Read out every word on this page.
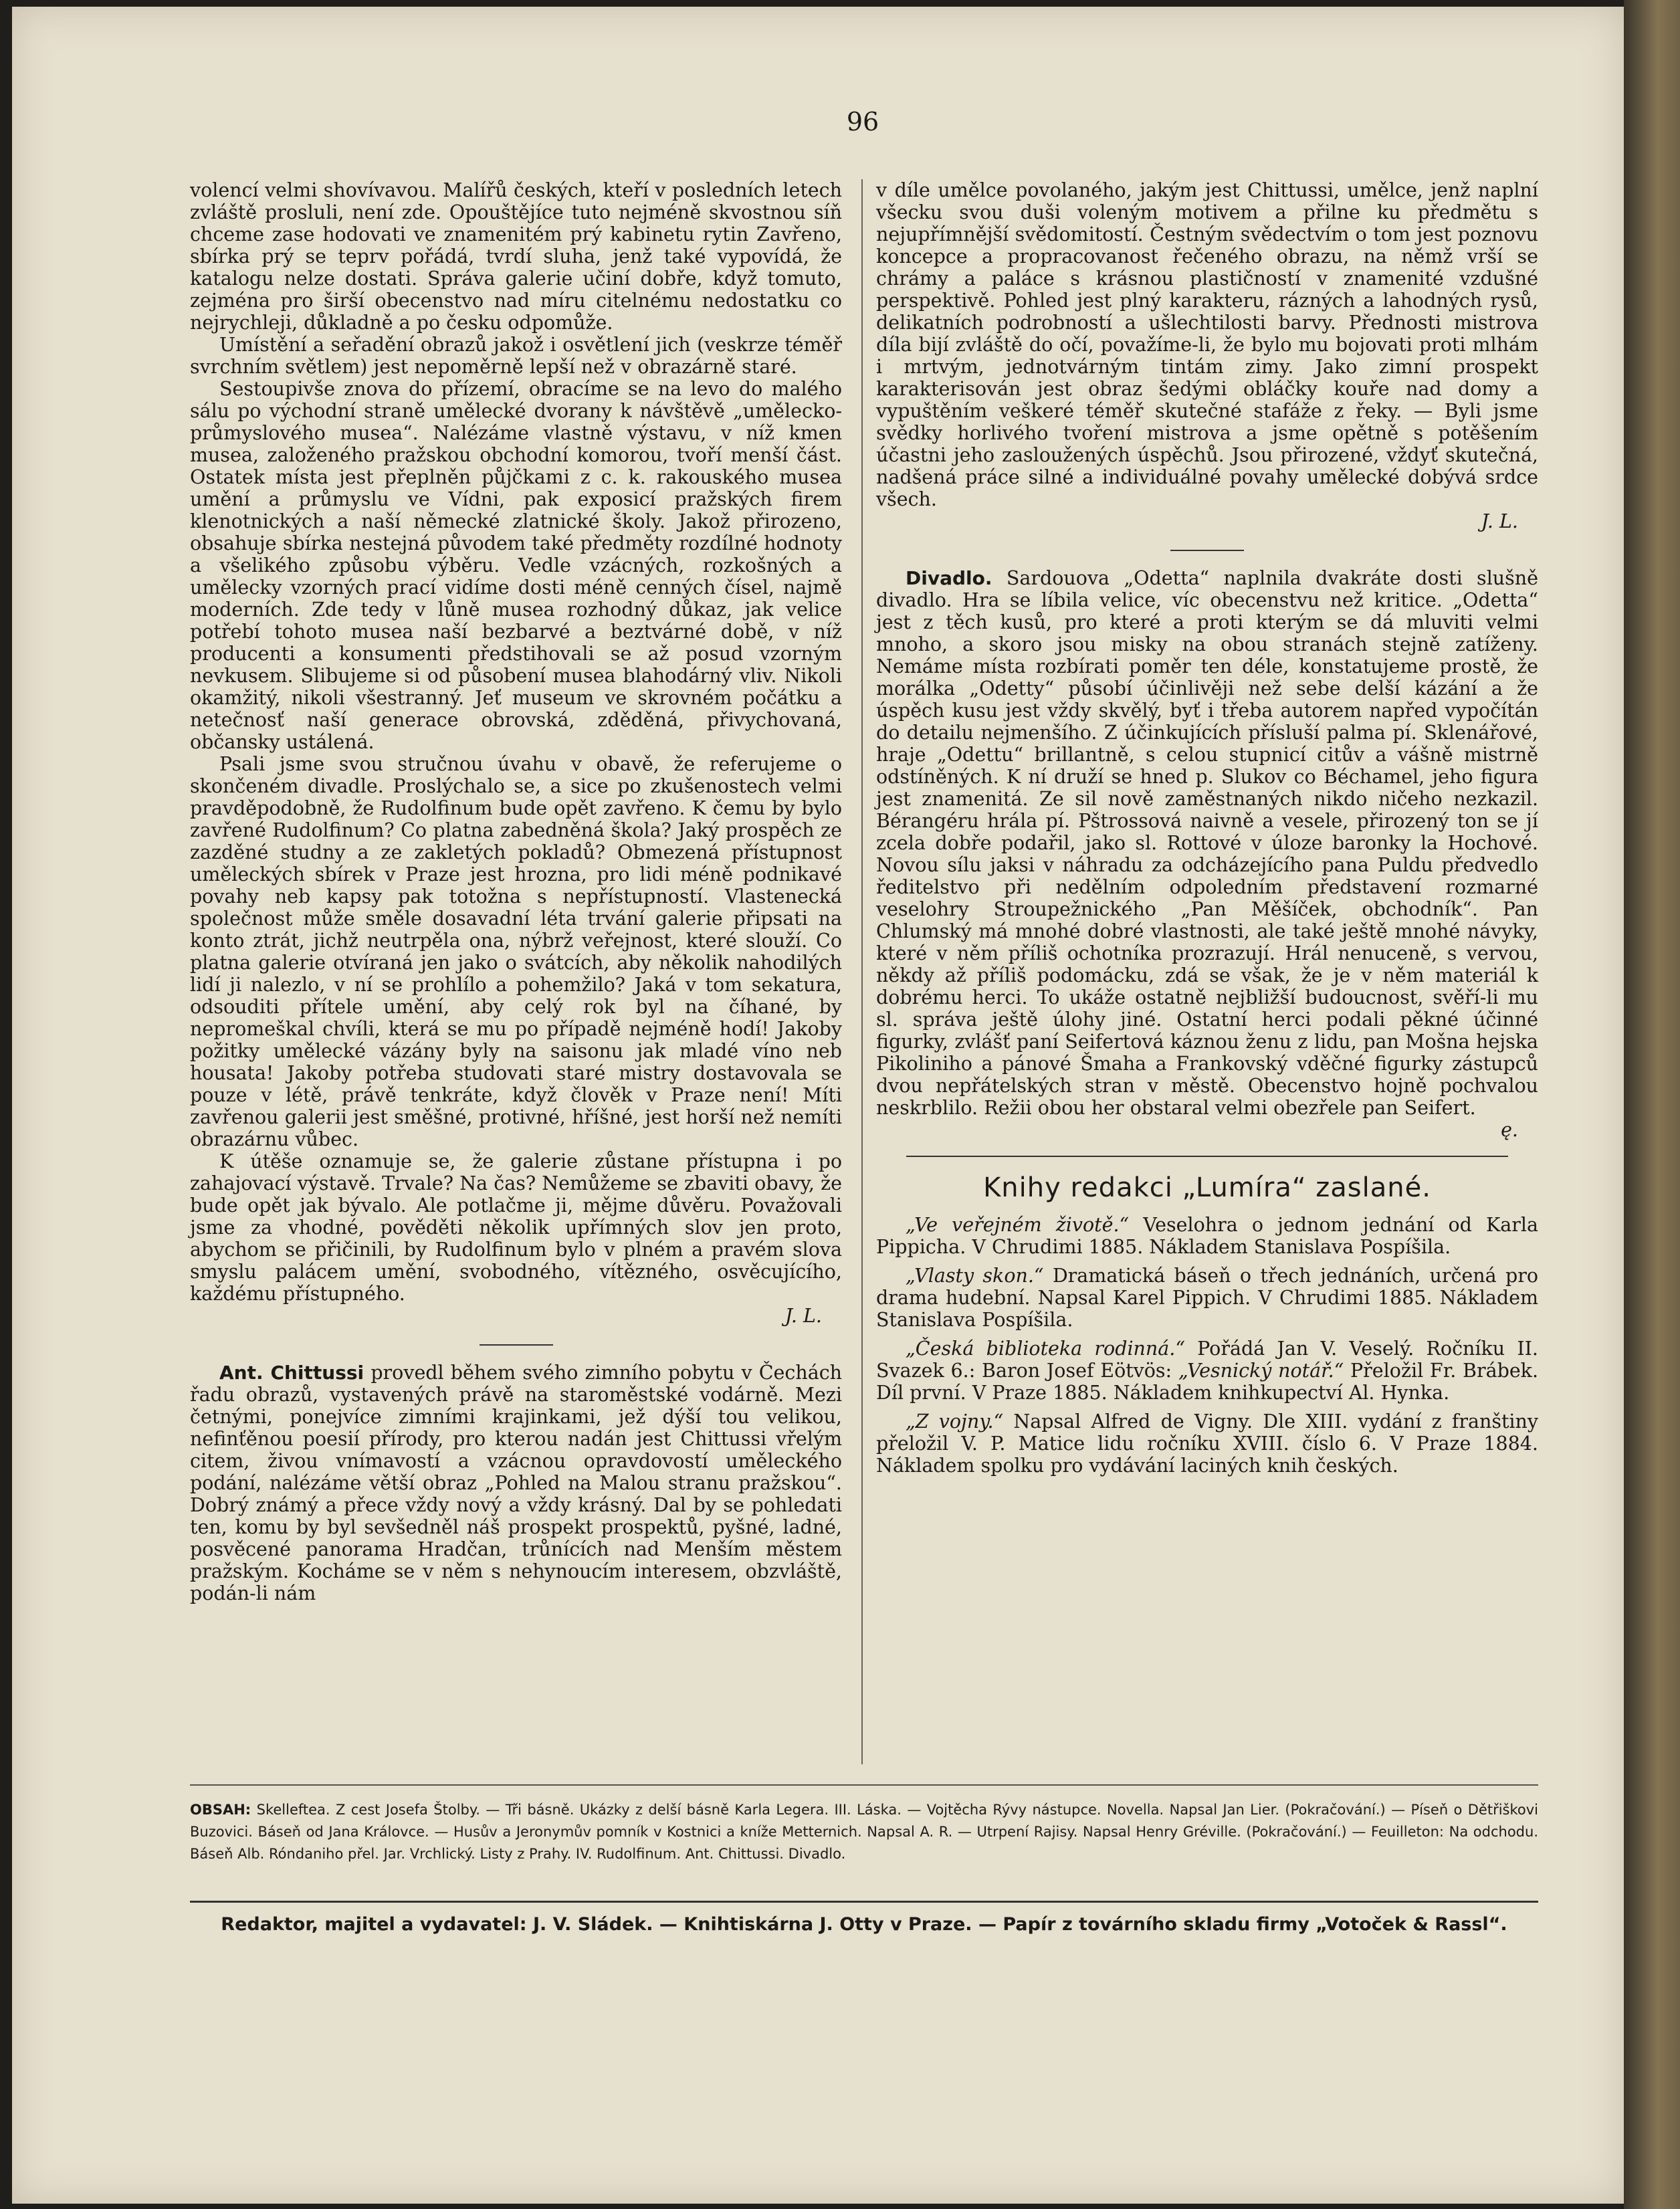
96

volencí velmi shovívavou. Malířů českých, kteří v posledních letech zvláště prosluli, není zde. Opouštějíce tuto nejméně skvostnou síň chceme zase hodovati ve znamenitém prý kabinetu rytin Zavřeno, sbírka prý se teprv pořádá, tvrdí sluha, jenž také vypovídá, že katalogu nelze dostati. Správa galerie učiní dobře, když tomuto, zejména pro širší obecenstvo nad míru citelnému nedostatku co nejrychleji, důkladně a po česku odpomůže.

Umístění a seřadění obrazů jakož i osvětlení jich (veskrze téměř svrchním světlem) jest nepoměrně lepší než v obrazárně staré.

Sestoupivše znova do přízemí, obracíme se na levo do malého sálu po východní straně umělecké dvorany k návštěvě „umělecko-průmyslového musea“. Nalézáme vlastně výstavu, v níž kmen musea, založeného pražskou obchodní komorou, tvoří menší část. Ostatek místa jest přeplněn půjčkami z c. k. rakouského musea umění a průmyslu ve Vídni, pak exposicí pražských firem klenotnických a naší německé zlatnické školy. Jakož přirozeno, obsahuje sbírka nestejná původem také předměty rozdílné hodnoty a všelikého způsobu výběru. Vedle vzácných, rozkošných a umělecky vzorných prací vidíme dosti méně cenných čísel, najmě moderních. Zde tedy v lůně musea rozhodný důkaz, jak velice potřebí tohoto musea naší bezbarvé a beztvárné době, v níž producenti a konsumenti předstihovali se až posud vzorným nevkusem. Slibujeme si od působení musea blahodárný vliv. Nikoli okamžitý, nikoli všestranný. Jeť museum ve skrovném počátku a netečnosť naší generace obrovská, zděděná, přivychovaná, občansky ustálená.

Psali jsme svou stručnou úvahu v obavě, že referujeme o skončeném divadle. Proslýchalo se, a sice po zkušenostech velmi pravděpodobně, že Rudolfinum bude opět zavřeno. K čemu by bylo zavřené Rudolfinum? Co platna zabedněná škola? Jaký prospěch ze zazděné studny a ze zakletých pokladů? Obmezená přístupnost uměleckých sbírek v Praze jest hrozna, pro lidi méně podnikavé povahy neb kapsy pak totožna s nepřístupností. Vlastenecká společnost může směle dosavadní léta trvání galerie připsati na konto ztrát, jichž neutrpěla ona, nýbrž veřejnost, které slouží. Co platna galerie otvíraná jen jako o svátcích, aby několik nahodilých lidí ji nalezlo, v ní se prohlílo a pohemžilo? Jaká v tom sekatura, odsouditi přítele umění, aby celý rok byl na číhané, by nepromeškal chvíli, která se mu po případě nejméně hodí! Jakoby požitky umělecké vázány byly na saisonu jak mladé víno neb housata! Jakoby potřeba studovati staré mistry dostavovala se pouze v létě, právě tenkráte, když člověk v Praze není! Míti zavřenou galerii jest směšné, protivné, hříšné, jest horší než nemíti obrazárnu vůbec.

K útěše oznamuje se, že galerie zůstane přístupna i po zahajovací výstavě. Trvale? Na čas? Nemůžeme se zbaviti obavy, že bude opět jak bývalo. Ale potlačme ji, mějme důvěru. Považovali jsme za vhodné, pověděti několik upřímných slov jen proto, abychom se přičinili, by Rudolfinum bylo v plném a pravém slova smyslu palácem umění, svobodného, vítězného, osvěcujícího, každému přístupného.

J. L.

Ant. Chittussi provedl během svého zimního pobytu v Čechách řadu obrazů, vystavených právě na staroměstské vodárně. Mezi četnými, ponejvíce zimními krajinkami, jež dýší tou velikou, nefinťěnou poesií přírody, pro kterou nadán jest Chittussi vřelým citem, živou vnímavostí a vzácnou opravdovostí uměleckého podání, nalézáme větší obraz „Pohled na Malou stranu pražskou“. Dobrý známý a přece vždy nový a vždy krásný. Dal by se pohledati ten, komu by byl sevšedněl náš prospekt prospektů, pyšné, ladné, posvěcené panorama Hradčan, trůnících nad Menším městem pražským. Kocháme se v něm s nehynoucím interesem, obzvláště, podán-li nám

v díle umělce povolaného, jakým jest Chittussi, umělce, jenž naplní všecku svou duši voleným motivem a přilne ku předmětu s nejupřímnější svědomitostí. Čestným svědectvím o tom jest poznovu koncepce a propracovanost řečeného obrazu, na němž vrší se chrámy a paláce s krásnou plastičností v znamenité vzdušné perspektivě. Pohled jest plný karakteru, rázných a lahodných rysů, delikatních podrobností a ušlechtilosti barvy. Přednosti mistrova díla bijí zvláště do očí, považíme-li, že bylo mu bojovati proti mlhám i mrtvým, jednotvárným tintám zimy. Jako zimní prospekt karakterisován jest obraz šedými obláčky kouře nad domy a vypuštěním veškeré téměř skutečné stafáže z řeky. — Byli jsme svědky horlivého tvoření mistrova a jsme opětně s potěšením účastni jeho zasloužených úspěchů. Jsou přirozené, vždyť skutečná, nadšená práce silné a individuálné povahy umělecké dobývá srdce všech.

J. L.

Divadlo. Sardouova „Odetta“ naplnila dvakráte dosti slušně divadlo. Hra se líbila velice, víc obecenstvu než kritice. „Odetta“ jest z těch kusů, pro které a proti kterým se dá mluviti velmi mnoho, a skoro jsou misky na obou stranách stejně zatíženy. Nemáme místa rozbírati poměr ten déle, konstatujeme prostě, že morálka „Odetty“ působí účinlivěji než sebe delší kázání a že úspěch kusu jest vždy skvělý, byť i třeba autorem napřed vypočítán do detailu nejmenšího. Z účinkujících přísluší palma pí. Sklenářové, hraje „Odettu“ brillantně, s celou stupnicí citův a vášně mistrně odstíněných. K ní druží se hned p. Slukov co Béchamel, jeho figura jest znamenitá. Ze sil nově zaměstnaných nikdo ničeho nezkazil. Bérangéru hrála pí. Pštrossová naivně a vesele, přirozený ton se jí zcela dobře podařil, jako sl. Rottové v úloze baronky la Hochové. Novou sílu jaksi v náhradu za odcházejícího pana Puldu předvedlo ředitelstvo při nedělním odpoledním představení rozmarné veselohry Stroupežnického „Pan Měšíček, obchodník“. Pan Chlumský má mnohé dobré vlastnosti, ale také ještě mnohé návyky, které v něm příliš ochotníka prozrazují. Hrál nenuceně, s vervou, někdy až příliš podomácku, zdá se však, že je v něm materiál k dobrému herci. To ukáže ostatně nejbližší budoucnost, svěří-li mu sl. správa ještě úlohy jiné. Ostatní herci podali pěkné účinné figurky, zvlášť paní Seifertová káznou ženu z lidu, pan Mošna hejska Pikoliniho a pánové Šmaha a Frankovský vděčné figurky zástupců dvou nepřátelských stran v městě. Obecenstvo hojně pochvalou neskrblilo. Režii obou her obstaral velmi obezřele pan Seifert.

ę.
Knihy redakci „Lumíra“ zaslané.

„Ve veřejném životě.“ Veselohra o jednom jednání od Karla Pippicha. V Chrudimi 1885. Nákladem Stanislava Pospíšila.

„Vlasty skon.“ Dramatická báseň o třech jednáních, určená pro drama hudební. Napsal Karel Pippich. V Chrudimi 1885. Nákladem Stanislava Pospíšila.

„Česká biblioteka rodinná.“ Pořádá Jan V. Veselý. Ročníku II. Svazek 6.: Baron Josef Eötvös: „Vesnický notář.“ Přeložil Fr. Brábek. Díl první. V Praze 1885. Nákladem knihkupectví Al. Hynka.

„Z vojny.“ Napsal Alfred de Vigny. Dle XIII. vydání z franštiny přeložil V. P. Matice lidu ročníku XVIII. číslo 6. V Praze 1884. Nákladem spolku pro vydávání laciných knih českých.

OBSAH: Skelleftea. Z cest Josefa Štolby. — Tři básně. Ukázky z delší básně Karla Legera. III. Láska. — Vojtěcha Rývy nástupce. Novella. Napsal Jan Lier. (Pokračování.) — Píseň o Dětřiškovi Buzovici. Báseň od Jana Královce. — Husův a Jeronymův pomník v Kostnici a kníže Metternich. Napsal A. R. — Utrpení Rajisy. Napsal Henry Gréville. (Pokračování.) — Feuilleton: Na odchodu. Báseň Alb. Róndaniho přel. Jar. Vrchlický. Listy z Prahy. IV. Rudolfinum. Ant. Chittussi. Divadlo.
Redaktor, majitel a vydavatel: J. V. Sládek. — Knihtiskárna J. Otty v Praze. — Papír z továrního skladu firmy „Votoček & Rassl“.
